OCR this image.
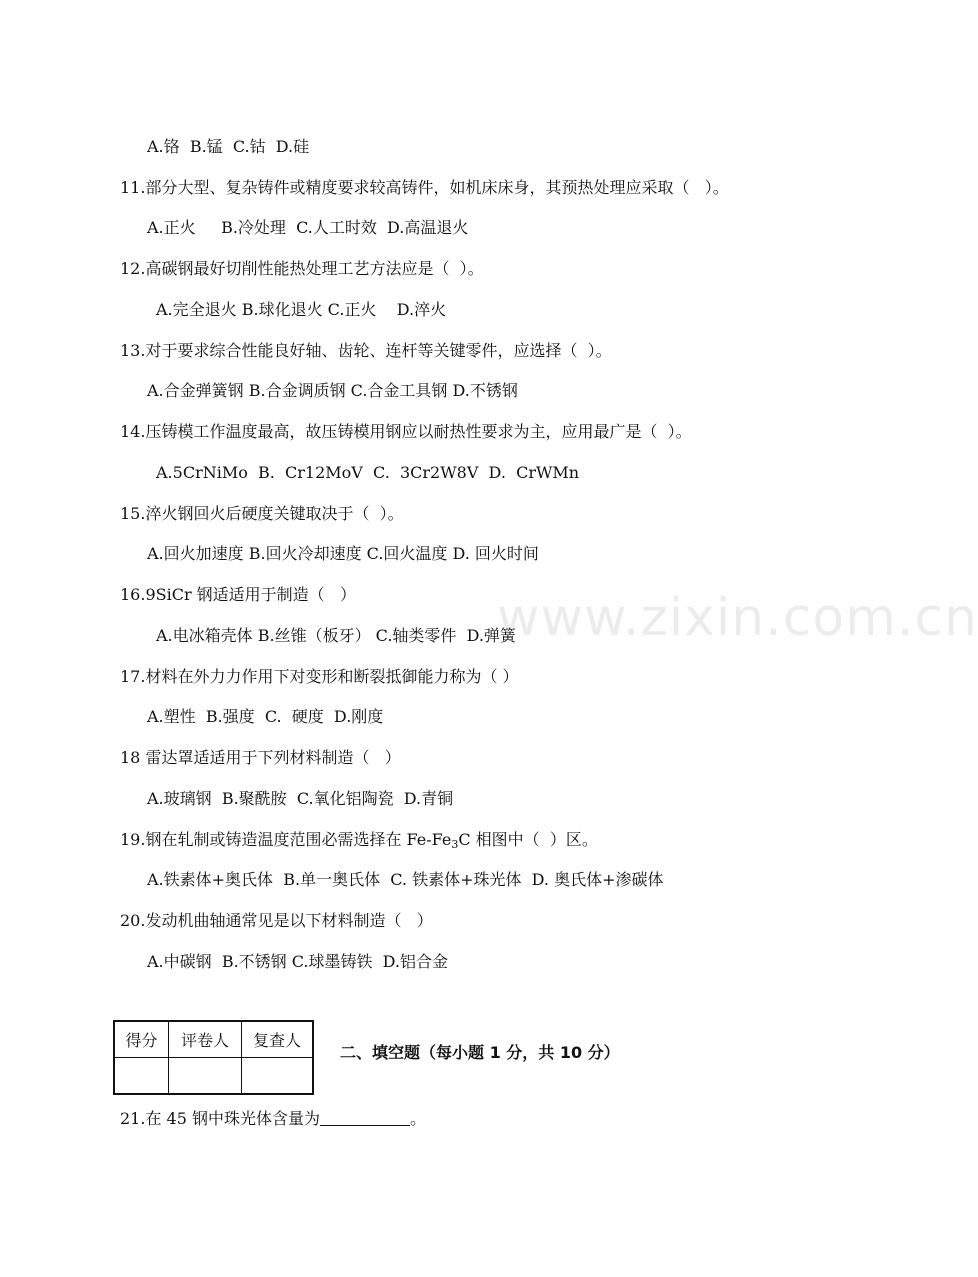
www.zixin.com.cn
A.铬  B.锰  C.钴  D.硅
11.部分大型、复杂铸件或精度要求较高铸件，如机床床身，其预热处理应采取（   ）。
A.正火     B.冷处理  C.人工时效  D.高温退火
12.高碳钢最好切削性能热处理工艺方法应是（  ）。
A.完全退火 B.球化退火 C.正火    D.淬火
13.对于要求综合性能良好轴、齿轮、连杆等关键零件，应选择（  ）。
A.合金弹簧钢 B.合金调质钢 C.合金工具钢 D.不锈钢
14.压铸模工作温度最高，故压铸模用钢应以耐热性要求为主，应用最广是（  ）。
A.5CrNiMo  B.  Cr12MoV  C.  3Cr2W8V  D.  CrWMn
15.淬火钢回火后硬度关键取决于（  ）。
A.回火加速度 B.回火冷却速度 C.回火温度 D. 回火时间
16.9SiCr 钢适适用于制造（   ）
A.电冰箱壳体 B.丝锥（板牙） C.轴类零件  D.弹簧
17.材料在外力力作用下对变形和断裂抵御能力称为（ ）
A.塑性  B.强度  C.  硬度  D.刚度
18 雷达罩适适用于下列材料制造（   ）
A.玻璃钢  B.聚酰胺  C.氧化铝陶瓷  D.青铜
19.钢在轧制或铸造温度范围必需选择在 $Fe-Fe_3C$ 相图中（  ）区。
A.铁素体+奥氏体  B.单一奥氏体  C. 铁素体+珠光体  D. 奥氏体+渗碳体
20.发动机曲轴通常见是以下材料制造（   ）
A.中碳钢  B.不锈钢 C.球墨铸铁  D.铝合金
得分	评卷人	复查人

二、填空题（每小题 1 分，共 10 分）
21.在 45 钢中珠光体含量为	。
